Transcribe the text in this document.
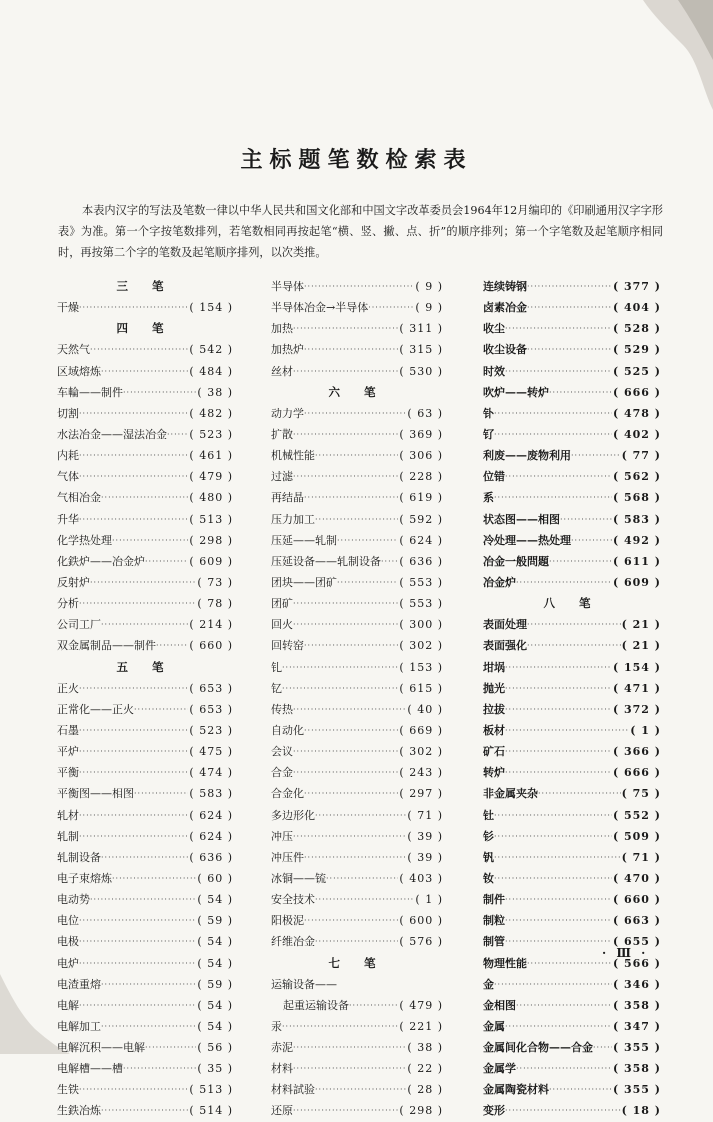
主标题笔数检索表
本表内汉字的写法及笔数一律以中华人民共和国文化部和中国文字改革委员会1964年12月编印的《印刷通用汉字字形表》为准。第一个字按笔数排列，若笔数相同再按起笔“横、竖、撇、点、折”的顺序排列；第一个字笔数及起笔顺序相同时，再按第二个字的笔数及起笔顺序排列，以次类推。
三 笔
干燥 ·····	( 154 )
四 笔
天然气 ·····	( 542 )
区域熔炼 ·····	( 484 )
车輪——制件 ·····	( 38 )
切割 ·····	( 482 )
水法冶金——湿法冶金 ····· ( 523 )
内耗 ·····	( 461 )
气体 ·····	( 479 )
气相冶金 ·····	( 480 )
升华 ·····	( 513 )
化学热处理 ·····	( 298 )
化鉄炉——冶金炉 ·····	( 609 )
反射炉 ·····	( 73 )
分析 ·····	( 78 )
公司工厂 ·····	( 214 )
双金属制品——制件 ·····	( 660 )
五 笔
正火 ·····	( 653 )
正常化——正火 ·····	( 653 )
石墨 ·····	( 523 )
平炉 ·····	( 475 )
平衡 ·····	( 474 )
平衡图——相图 ·····	( 583 )
轧材 ·····	( 624 )
轧制 ·····	( 624 )
轧制设备 ·····	( 636 )
电子束熔炼 ·····	( 60 )
电动势 ·····	( 54 )
电位 ·····	( 59 )
电极 ·····	( 54 )
电炉 ·····	( 54 )
电渣重熔 ·····	( 59 )
电解 ·····	( 54 )
电解加工 ·····	( 54 )
电解沉积——电解 ·····	( 56 )
电解槽——槽 ·····	( 35 )
生铁 ·····	( 513 )
生鉄冶炼 ·····	( 514 )
半导体 ·····	( 9 )
半导体冶金→半导体 ·····	( 9 )
加热 ·····	( 311 )
加热炉 ·····	( 315 )
丝材 ·····	( 530 )
六 笔
动力学 ·····	( 63 )
扩散 ·····	( 369 )
机械性能 ·····	( 306 )
过滤 ·····	( 228 )
再结晶 ·····	( 619 )
压力加工 ·····	( 592 )
压延——轧制 ·····	( 624 )
压延设备——轧制设备 ····· ( 636 )
团块——团矿 ·····	( 553 )
团矿 ·····	( 553 )
回火 ·····	( 300 )
回转窑 ·····	( 302 )
钆 ·····	( 153 )
钇 ·····	( 615 )
传热 ·····	( 40 )
自动化 ·····	( 669 )
会议 ·····	( 302 )
合金 ·····	( 243 )
合金化 ·····	( 297 )
多边形化 ·····	( 71 )
冲压 ·····	( 39 )
冲压件 ·····	( 39 )
冰铜——锍 ·····	( 403 )
安全技术 ·····	( 1 )
阳极泥 ·····	( 600 )
纤维冶金 ·····	( 576 )
七 笔
运输设备——
起重运输设备 ·····	( 479 )
汞 ·····	( 221 )
赤泥 ·····	( 38 )
材料 ·····	( 22 )
材料試验 ·····	( 28 )
还原 ·····	( 298 )
连续铸钢 ·····	( 377 )
卤素冶金 ·····	( 404 )
收尘 ·····	( 528 )
收尘设备 ·····	( 529 )
时效 ·····	( 525 )
吹炉——转炉 ·····	( 666 )
钋 ·····	( 478 )
钌 ·····	( 402 )
利废——废物利用 ·····	( 77 )
位错 ·····	( 562 )
系 ·····	( 568 )
状态图——相图 ·····	( 583 )
冷处理——热处理 ·····	( 492 )
冶金一般問題 ·····	( 611 )
冶金炉 ·····	( 609 )
八 笔
表面处理 ·····	( 21 )
表面强化 ·····	( 21 )
坩埚 ·····	( 154 )
抛光 ·····	( 471 )
拉拔 ·····	( 372 )
板材 ·····	( 1 )
矿石 ·····	( 366 )
转炉 ·····	( 666 )
非金属夹杂 ·····	( 75 )
钍 ·····	( 552 )
钐 ·····	( 509 )
钒 ·····	( 71 )
钕 ·····	( 470 )
制件 ·····	( 660 )
制粒 ·····	( 663 )
制管 ·····	( 655 )
物理性能 ·····	( 566 )
金 ·····	( 346 )
金相图 ·····	( 358 )
金属 ·····	( 347 )
金属间化合物——合金 ····· ( 355 )
金属学 ·····	( 358 )
金属陶瓷材料 ·····	( 355 )
变形 ·····	( 18 )
· Ⅲ ·
